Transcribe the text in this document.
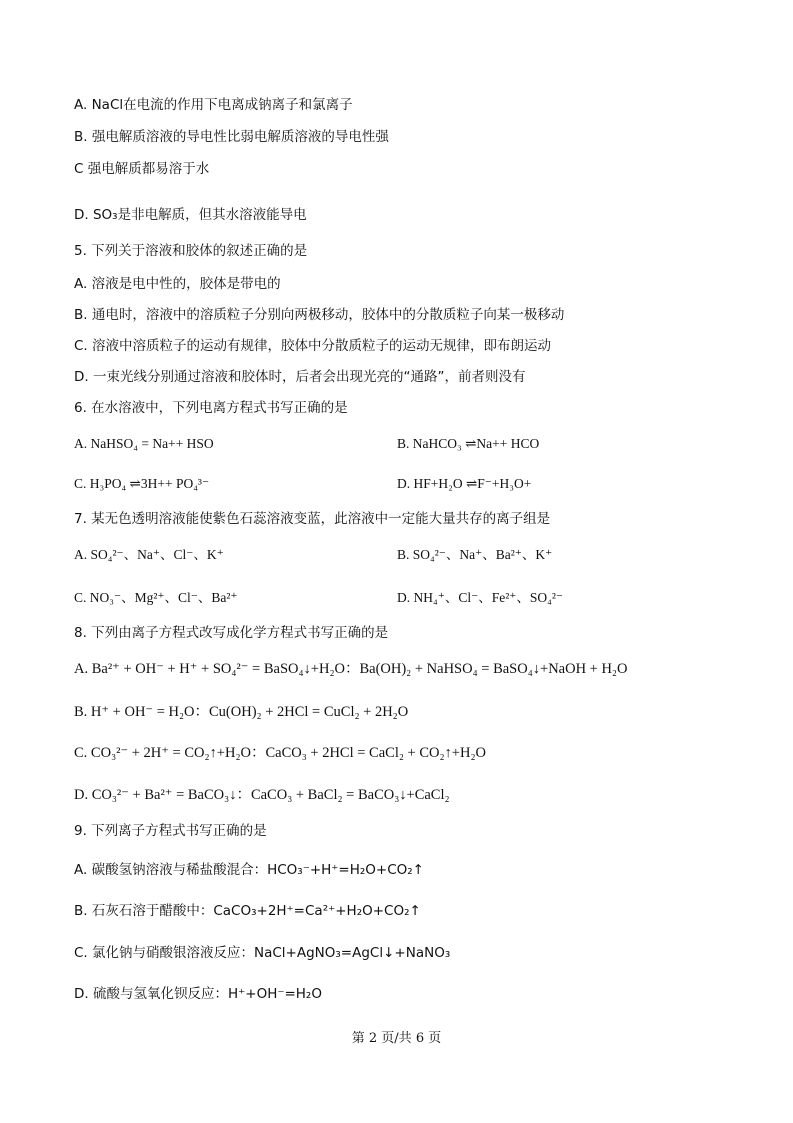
A. NaCl在电流的作用下电离成钠离子和氯离子
B. 强电解质溶液的导电性比弱电解质溶液的导电性强
C 强电解质都易溶于水
D. SO₃是非电解质，但其水溶液能导电
5. 下列关于溶液和胶体的叙述正确的是
A. 溶液是电中性的，胶体是带电的
B. 通电时，溶液中的溶质粒子分别向两极移动，胶体中的分散质粒子向某一极移动
C. 溶液中溶质粒子的运动有规律，胶体中分散质粒子的运动无规律，即布朗运动
D. 一束光线分别通过溶液和胶体时，后者会出现光亮的“通路”，前者则没有
6. 在水溶液中，下列电离方程式书写正确的是
A. NaHSO₄ = Na++ HSO	B. NaHCO₃ ⇌Na++ HCO
C. H₃PO₄ ⇌3H++ PO₄³⁻	D. HF+H₂O ⇌F⁻+H₃O+
7. 某无色透明溶液能使紫色石蕊溶液变蓝，此溶液中一定能大量共存的离子组是
A. SO₄²⁻、Na⁺、Cl⁻、K⁺	B. SO₄²⁻、Na⁺、Ba²⁺、K⁺
C. NO₃⁻、Mg²⁺、Cl⁻、Ba²⁺	D. NH₄⁺、Cl⁻、Fe²⁺、SO₄²⁻
8. 下列由离子方程式改写成化学方程式书写正确的是
A. Ba²⁺ + OH⁻ + H⁺ + SO₄²⁻ = BaSO₄↓+H₂O：Ba(OH)₂ + NaHSO₄ = BaSO₄↓+NaOH + H₂O
B. H⁺ + OH⁻ = H₂O：Cu(OH)₂ + 2HCl = CuCl₂ + 2H₂O
C. CO₃²⁻ + 2H⁺ = CO₂↑+H₂O：CaCO₃ + 2HCl = CaCl₂ + CO₂↑+H₂O
D. CO₃²⁻ + Ba²⁺ = BaCO₃↓：CaCO₃ + BaCl₂ = BaCO₃↓+CaCl₂
9. 下列离子方程式书写正确的是
A. 碳酸氢钠溶液与稀盐酸混合：HCO₃⁻+H⁺=H₂O+CO₂↑
B. 石灰石溶于醋酸中：CaCO₃+2H⁺=Ca²⁺+H₂O+CO₂↑
C. 氯化钠与硝酸银溶液反应：NaCl+AgNO₃=AgCl↓+NaNO₃
D. 硫酸与氢氧化钡反应：H⁺+OH⁻=H₂O
第 2 页/共 6 页
